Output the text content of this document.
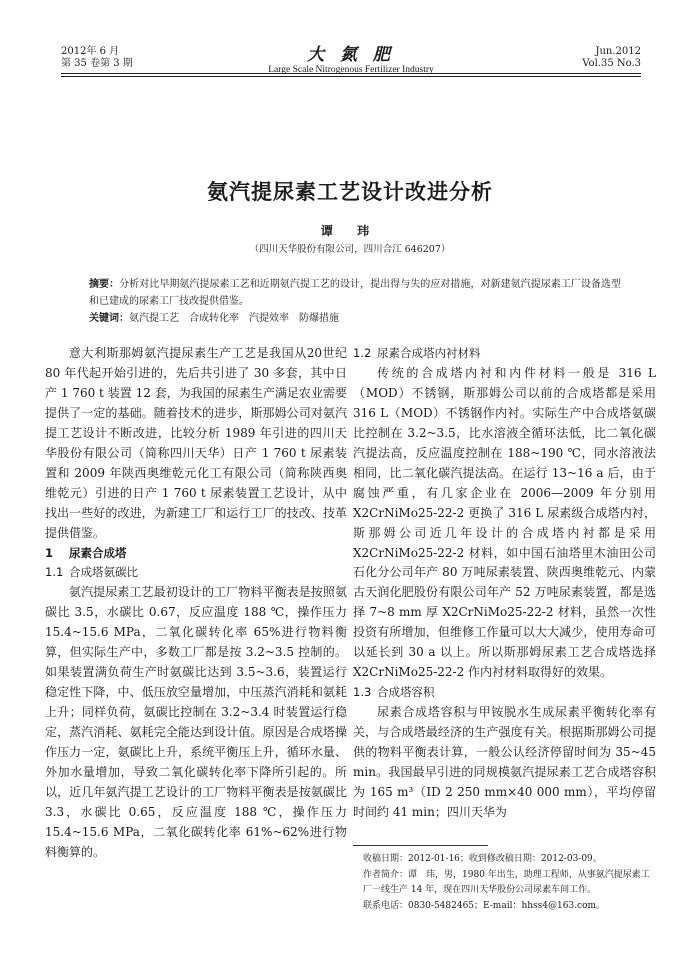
2012年 6 月
第 35 卷第 3 期	大 氮 肥
Large Scale Nitrogenous Fertilizer Industry
Jun.2012
Vol.35 No.3
氨汽提尿素工艺设计改进分析
谭 玮
（四川天华股份有限公司，四川合江 646207）
摘要：分析对比早期氨汽提尿素工艺和近期氨汽提工艺的设计，提出得与失的应对措施，对新建氨汽提尿素工厂设备选型和已建成的尿素工厂技改提供借鉴。
关键词：氨汽提工艺　合成转化率　汽提效率　防爆措施

意大利斯那姆氨汽提尿素生产工艺是我国从20世纪 80 年代起开始引进的，先后共引进了 30 多套，其中日产 1 760 t 装置 12 套，为我国的尿素生产满足农业需要提供了一定的基础。随着技术的进步，斯那姆公司对氨汽提工艺设计不断改进，比较分析 1989 年引进的四川天华股份有限公司（简称四川天华）日产 1 760 t 尿素装置和 2009 年陕西奥维乾元化工有限公司（简称陕西奥维乾元）引进的日产 1 760 t 尿素装置工艺设计，从中找出一些好的改进，为新建工厂和运行工厂的技改、技革提供借鉴。

1 尿素合成塔
1.1 合成塔氨碳比

氨汽提尿素工艺最初设计的工厂物料平衡表是按照氨碳比 3.5，水碳比 0.67，反应温度 188 ℃，操作压力 15.4~15.6 MPa，二氧化碳转化率 65%进行物料衡算，但实际生产中，多数工厂都是按 3.2~3.5 控制的。如果装置满负荷生产时氨碳比达到 3.5~3.6，装置运行稳定性下降，中、低压放空量增加，中压蒸汽消耗和氨耗上升；同样负荷，氨碳比控制在 3.2~3.4 时装置运行稳定，蒸汽消耗、氨耗完全能达到设计值。原因是合成塔操作压力一定，氨碳比上升，系统平衡压上升，循环水量、外加水量增加，导致二氧化碳转化率下降所引起的。所以，近几年氨汽提工艺设计的工厂物料平衡表是按氨碳比 3.3，水碳比 0.65，反应温度 188 ℃，操作压力 15.4~15.6 MPa，二氧化碳转化率 61%~62%进行物料衡算的。

1.2 尿素合成塔内衬材料

传统的合成塔内衬和内件材料一般是 316 L（MOD）不锈钢，斯那姆公司以前的合成塔都是采用 316 L（MOD）不锈钢作内衬。实际生产中合成塔氨碳比控制在 3.2~3.5，比水溶液全循环法低，比二氧化碳汽提法高，反应温度控制在 188~190 ℃，同水溶液法相同，比二氧化碳汽提法高。在运行 13~16 a 后，由于腐蚀严重，有几家企业在 2006—2009 年分别用 X2CrNiMo25-22-2 更换了 316 L 尿素级合成塔内衬，斯那姆公司近几年设计的合成塔内衬都是采用 X2CrNiMo25-22-2 材料，如中国石油塔里木油田公司石化分公司年产 80 万吨尿素装置、陕西奥维乾元、内蒙古天润化肥股份有限公司年产 52 万吨尿素装置，都是选择 7~8 mm 厚 X2CrNiMo25-22-2 材料，虽然一次性投资有所增加，但维修工作量可以大大减少，使用寿命可以延长到 30 a 以上。所以斯那姆尿素工艺合成塔选择 X2CrNiMo25-22-2 作内衬材料取得好的效果。

1.3 合成塔容积

尿素合成塔容积与甲铵脱水生成尿素平衡转化率有关，与合成塔最经济的生产强度有关。根据斯那姆公司提供的物料平衡表计算，一般公认经济停留时间为 35~45 min。我国最早引进的同规模氨汽提尿素工艺合成塔容积为 165 m³（ID 2 250 mm×40 000 mm），平均停留时间约 41 min；四川天华为

收稿日期：2012-01-16；收到修改稿日期：2012-03-09。
作者简介：谭　玮，男，1980 年出生，助理工程师，从事氨汽提尿素工厂一线生产 14 年，现在四川天华股份公司尿素车间工作。
联系电话：0830-5482465；E-mail：hhss4@163.com。
